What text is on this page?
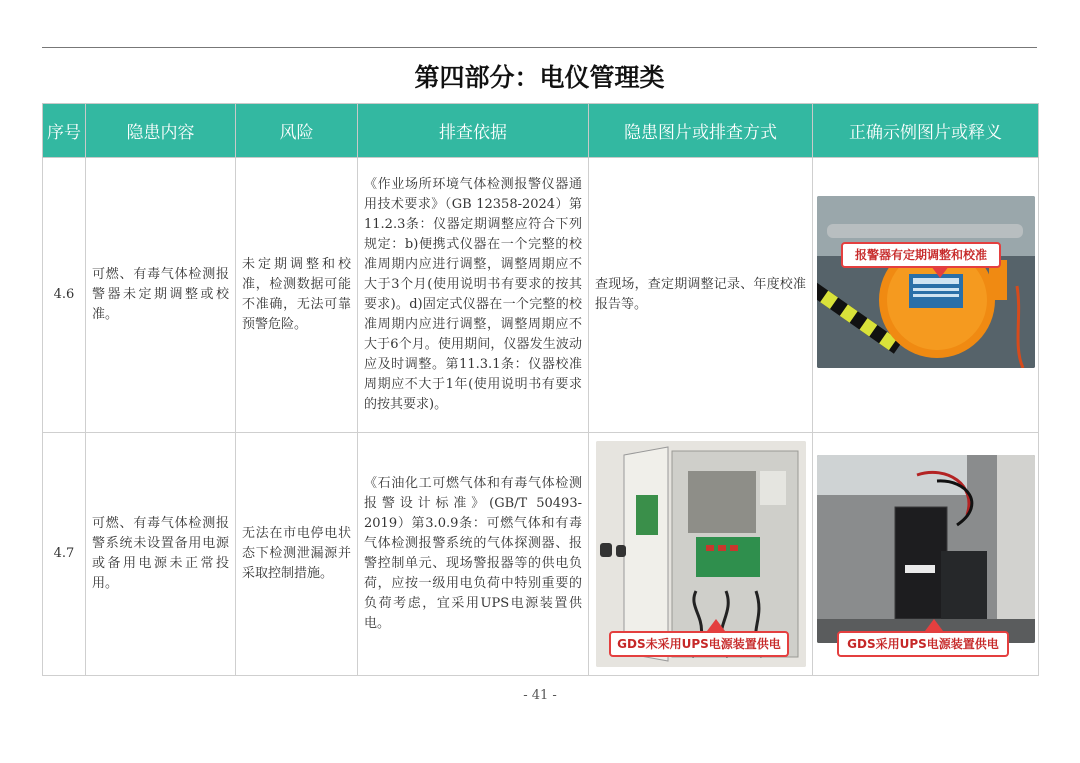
第四部分：电仪管理类
序号	隐患内容	风险	排查依据	隐患图片或排查方式	正确示例图片或释义
4.6	可燃、有毒气体检测报警器未定期调整或校准。	未定期调整和校准，检测数据可能不准确，无法可靠预警危险。	《作业场所环境气体检测报警仪器通用技术要求》（GB 12358-2024）第11.2.3条：仪器定期调整应符合下列规定：b)便携式仪器在一个完整的校准周期内应进行调整，调整周期应不大于3个月(使用说明书有要求的按其要求)。d)固定式仪器在一个完整的校准周期内应进行调整，调整周期应不大于6个月。使用期间，仪器发生波动应及时调整。第11.3.1条：仪器校准周期应不大于1年(使用说明书有要求的按其要求)。	查现场，查定期调整记录、年度校准报告等。	报警器有定期调整和校准

4.7	可燃、有毒气体检测报警系统未设置备用电源或备用电源未正常投用。	无法在市电停电状态下检测泄漏源并采取控制措施。	《石油化工可燃气体和有毒气体检测报警设计标准》(GB/T 50493-2019）第3.0.9条：可燃气体和有毒气体检测报警系统的气体探测器、报警控制单元、现场警报器等的供电负荷，应按一级用电负荷中特别重要的负荷考虑，宜采用UPS电源装置供电。	GDS未采用UPS电源装置供电	GDS采用UPS电源装置供电
- 41 -
